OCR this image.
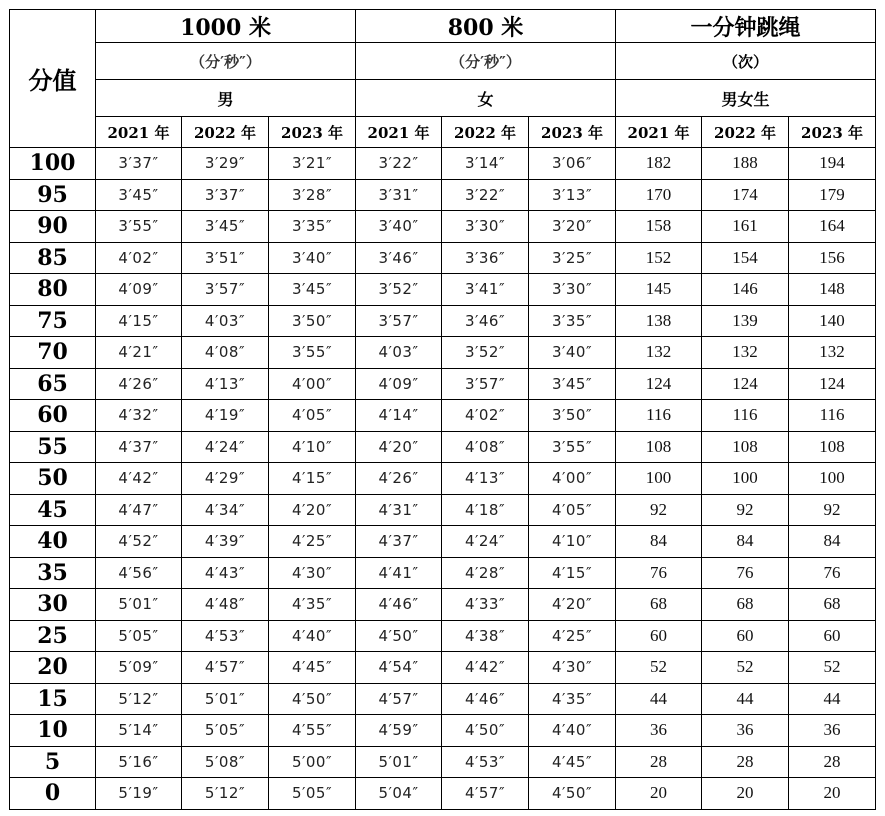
分值	1000 米			800 米			一分钟跳绳		
	（分′秒″）			（分′秒″）			（次）		
	男			女			男女生		
	2021 年	2022 年	2023 年	2021 年	2022 年	2023 年	2021 年	2022 年	2023 年
100	3′37″	3′29″	3′21″	3′22″	3′14″	3′06″	182	188	194
95	3′45″	3′37″	3′28″	3′31″	3′22″	3′13″	170	174	179
90	3′55″	3′45″	3′35″	3′40″	3′30″	3′20″	158	161	164
85	4′02″	3′51″	3′40″	3′46″	3′36″	3′25″	152	154	156
80	4′09″	3′57″	3′45″	3′52″	3′41″	3′30″	145	146	148
75	4′15″	4′03″	3′50″	3′57″	3′46″	3′35″	138	139	140
70	4′21″	4′08″	3′55″	4′03″	3′52″	3′40″	132	132	132
65	4′26″	4′13″	4′00″	4′09″	3′57″	3′45″	124	124	124
60	4′32″	4′19″	4′05″	4′14″	4′02″	3′50″	116	116	116
55	4′37″	4′24″	4′10″	4′20″	4′08″	3′55″	108	108	108
50	4′42″	4′29″	4′15″	4′26″	4′13″	4′00″	100	100	100
45	4′47″	4′34″	4′20″	4′31″	4′18″	4′05″	92	92	92
40	4′52″	4′39″	4′25″	4′37″	4′24″	4′10″	84	84	84
35	4′56″	4′43″	4′30″	4′41″	4′28″	4′15″	76	76	76
30	5′01″	4′48″	4′35″	4′46″	4′33″	4′20″	68	68	68
25	5′05″	4′53″	4′40″	4′50″	4′38″	4′25″	60	60	60
20	5′09″	4′57″	4′45″	4′54″	4′42″	4′30″	52	52	52
15	5′12″	5′01″	4′50″	4′57″	4′46″	4′35″	44	44	44
10	5′14″	5′05″	4′55″	4′59″	4′50″	4′40″	36	36	36
5	5′16″	5′08″	5′00″	5′01″	4′53″	4′45″	28	28	28
0	5′19″	5′12″	5′05″	5′04″	4′57″	4′50″	20	20	20
